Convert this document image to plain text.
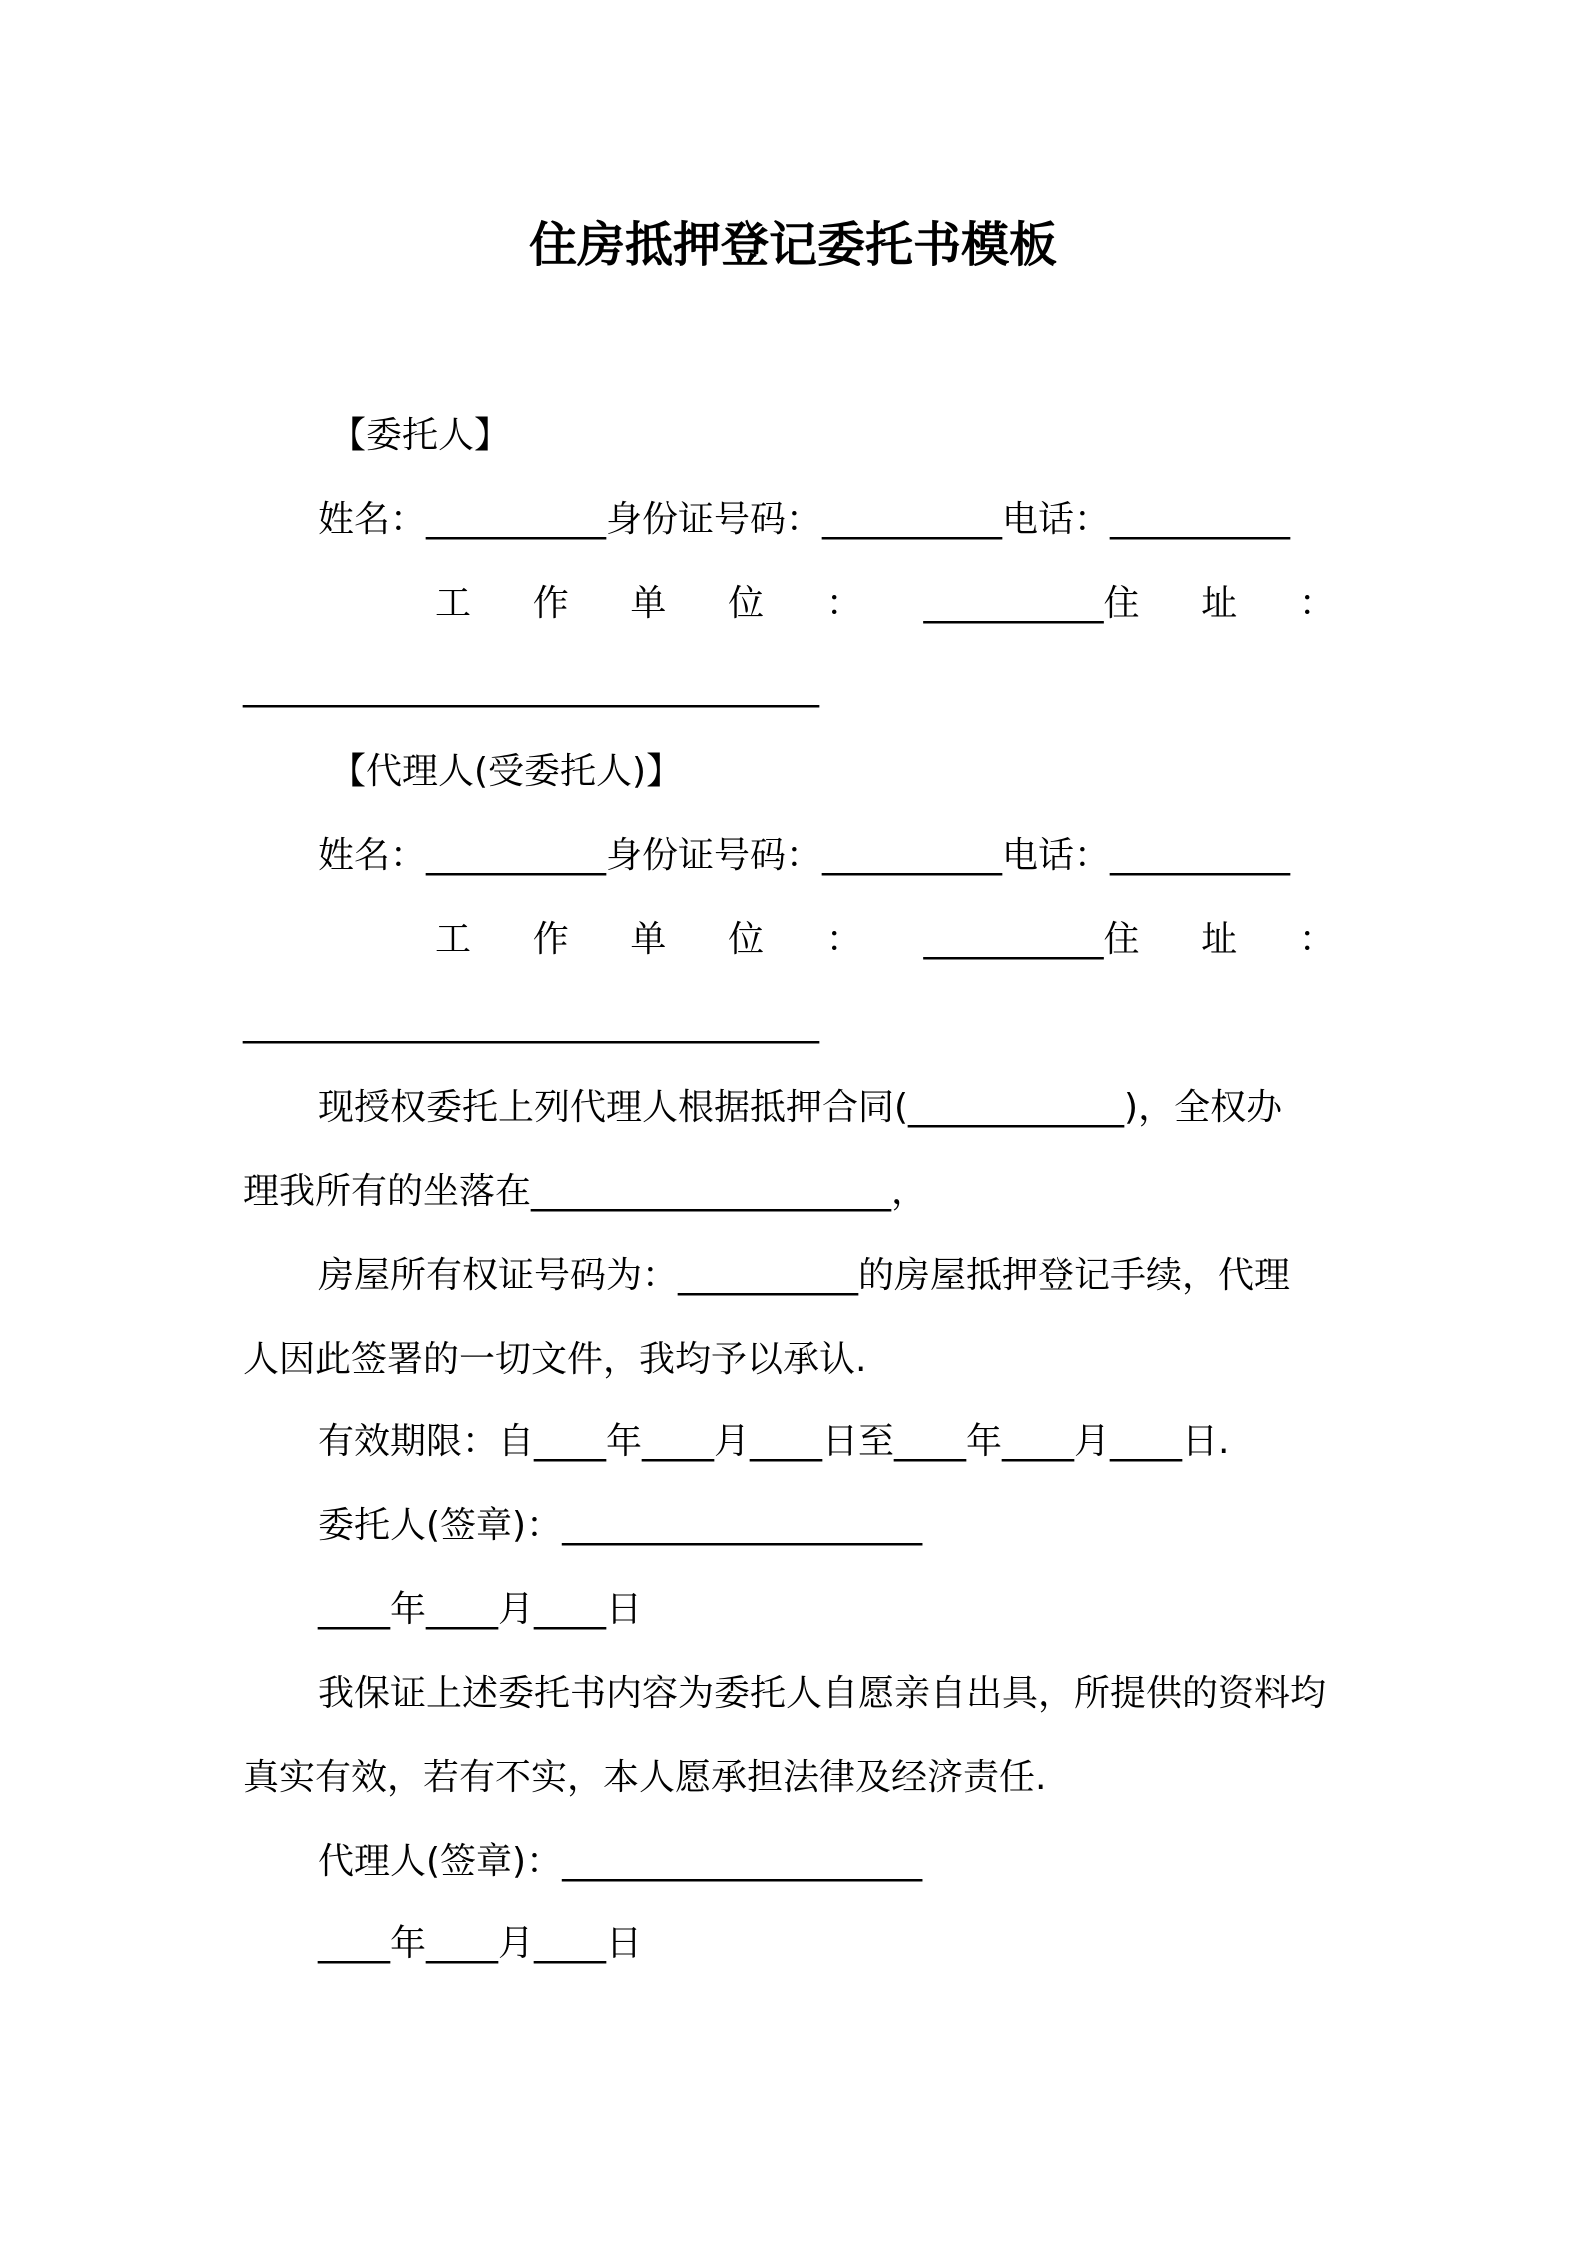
住房抵押登记委托书模板
【委托人】
姓名：__________身份证号码：__________电话：__________
工 作 单 位 ： __________住 址 ：
________________________________
【代理人(受委托人)】
姓名：__________身份证号码：__________电话：__________
工 作 单 位 ： __________住 址 ：
________________________________
现授权委托上列代理人根据抵押合同(____________)，全权办
理我所有的坐落在____________________，
房屋所有权证号码为：__________的房屋抵押登记手续，代理
人因此签署的一切文件，我均予以承认.
有效期限：自____年____月____日至____年____月____日.
委托人(签章)：____________________
____年____月____日
我保证上述委托书内容为委托人自愿亲自出具，所提供的资料均
真实有效，若有不实，本人愿承担法律及经济责任.
代理人(签章)：____________________
____年____月____日
